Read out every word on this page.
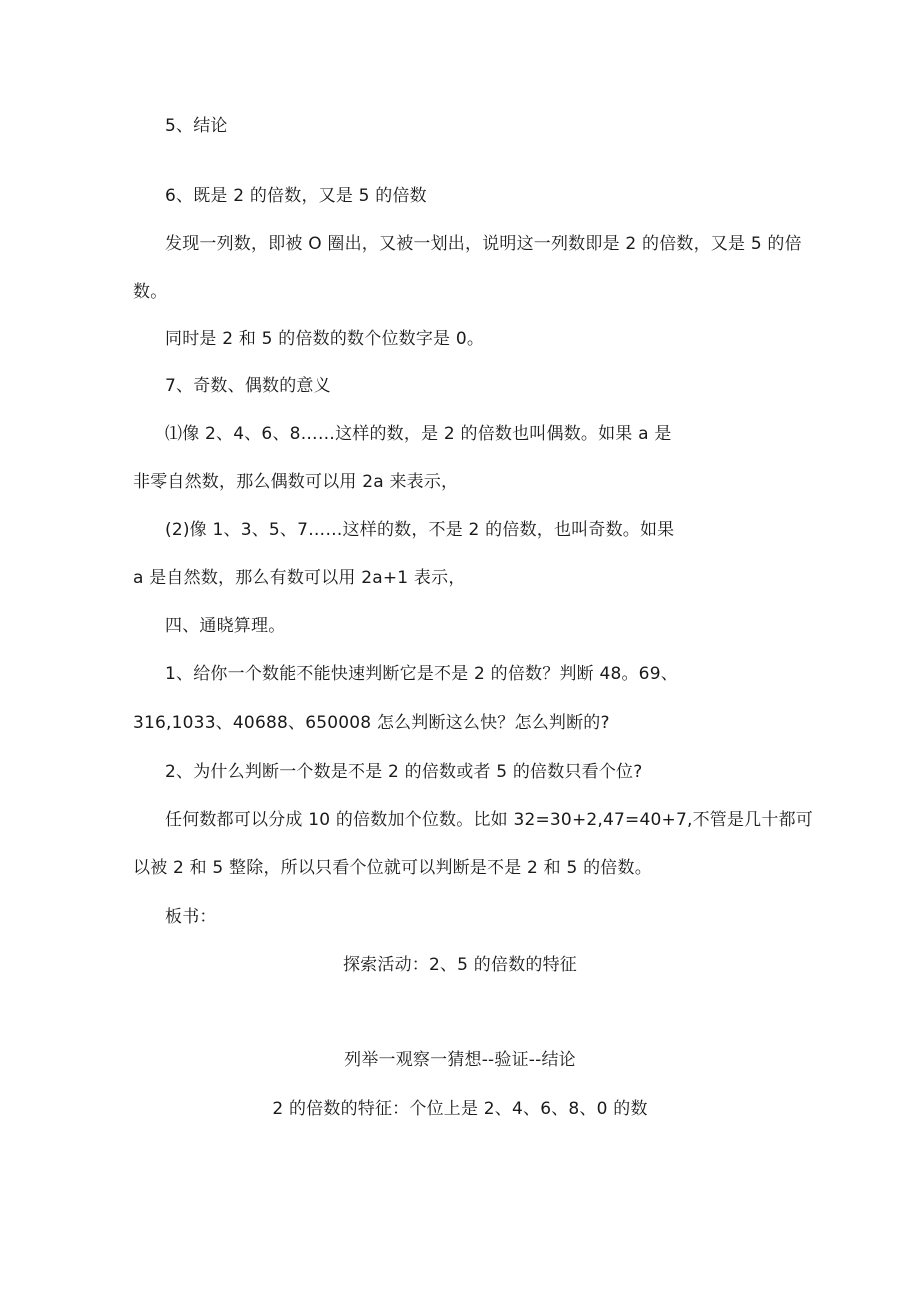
5、结论
6、既是 2 的倍数，又是 5 的倍数
发现一列数，即被 O 圈出，又被一划出，说明这一列数即是 2 的倍数，又是 5 的倍
数。
同时是 2 和 5 的倍数的数个位数字是 0。
7、奇数、偶数的意义
⑴像 2、4、6、8……这样的数，是 2 的倍数也叫偶数。如果 a 是
非零自然数，那么偶数可以用 2a 来表示，
(2)像 1、3、5、7……这样的数，不是 2 的倍数，也叫奇数。如果
a 是自然数，那么有数可以用 2a+1 表示，
四、通晓算理。
1、给你一个数能不能快速判断它是不是 2 的倍数？判断 48。69、
316,1033、40688、650008 怎么判断这么快？怎么判断的?
2、为什么判断一个数是不是 2 的倍数或者 5 的倍数只看个位?
任何数都可以分成 10 的倍数加个位数。比如 32=30+2,47=40+7,不管是几十都可
以被 2 和 5 整除，所以只看个位就可以判断是不是 2 和 5 的倍数。
板书：
探索活动：2、5 的倍数的特征
列举一观察一猜想--验证--结论
2 的倍数的特征：个位上是 2、4、6、8、0 的数
